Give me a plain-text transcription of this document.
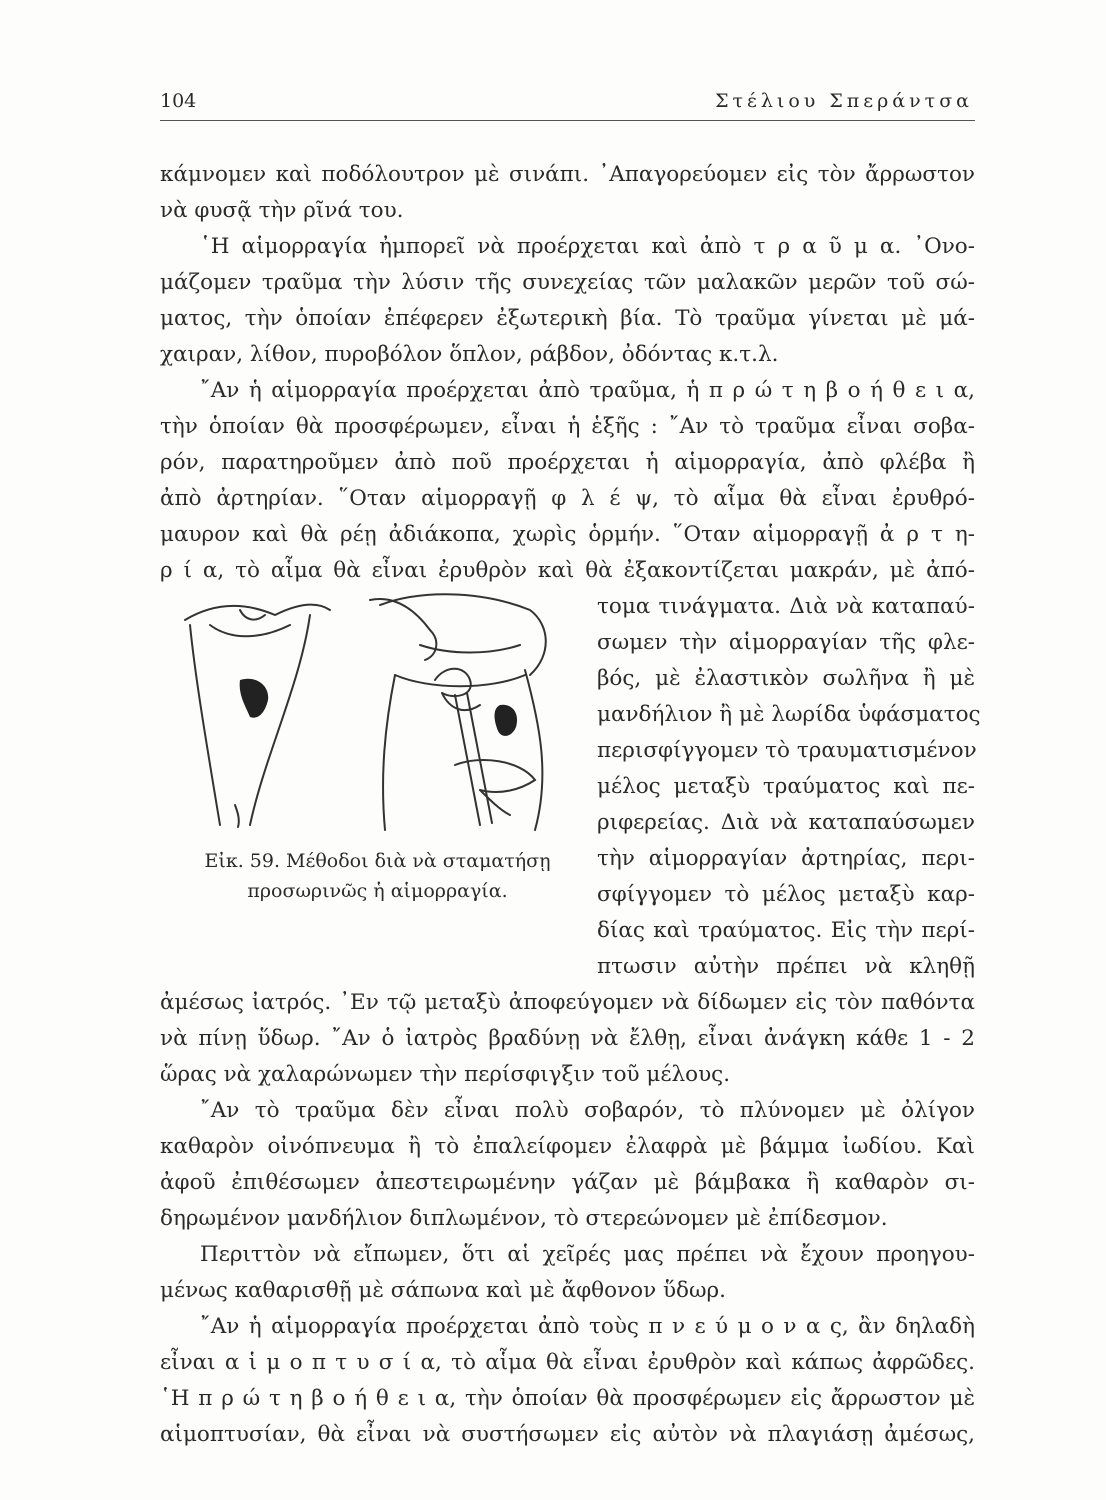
104	Στέλιου Σπεράντσα
κάμνομεν καὶ ποδόλουτρον μὲ σινάπι. ᾿Απαγορεύομεν εἰς τὸν ἄρρωστον
νὰ φυσᾷ τὴν ρῖνά του.
῾Η αἱμορραγία ἠμπορεῖ νὰ προέρχεται καὶ ἀπὸ τ ρ α ῦ μ α. ᾿Ονο-
μάζομεν τραῦμα τὴν λύσιν τῆς συνεχείας τῶν μαλακῶν μερῶν τοῦ σώ-
ματος, τὴν ὁποίαν ἐπέφερεν ἐξωτερικὴ βία. Τὸ τραῦμα γίνεται μὲ μά-
χαιραν, λίθον, πυροβόλον ὅπλον, ράβδον, ὀδόντας κ.τ.λ.
῎Αν ἡ αἱμορραγία προέρχεται ἀπὸ τραῦμα, ἡ π ρ ώ τ η β ο ή θ ε ι α,
τὴν ὁποίαν θὰ προσφέρωμεν, εἶναι ἡ ἑξῆς : ῎Αν τὸ τραῦμα εἶναι σοβα-
ρόν, παρατηροῦμεν ἀπὸ ποῦ προέρχεται ἡ αἱμορραγία, ἀπὸ φλέβα ἢ
ἀπὸ ἀρτηρίαν. ῞Οταν αἱμορραγῇ φ λ έ ψ, τὸ αἷμα θὰ εἶναι ἐρυθρό-
μαυρον καὶ θὰ ρέῃ ἀδιάκοπα, χωρὶς ὁρμήν. ῞Οταν αἱμορραγῇ ἀ ρ τ η-
ρ ί α, τὸ αἷμα θὰ εἶναι ἐρυθρὸν καὶ θὰ ἐξακοντίζεται μακράν, μὲ ἀπό-
τομα τινάγματα. Διὰ νὰ καταπαύ-
σωμεν τὴν αἱμορραγίαν τῆς φλε-
βός, μὲ ἐλαστικὸν σωλῆνα ἢ μὲ
μανδήλιον ἢ μὲ λωρίδα ὑφάσματος
περισφίγγομεν τὸ τραυματισμένον
μέλος μεταξὺ τραύματος καὶ πε-
ριφερείας. Διὰ νὰ καταπαύσωμεν
τὴν αἱμορραγίαν ἀρτηρίας, περι-
σφίγγομεν τὸ μέλος μεταξὺ καρ-
δίας καὶ τραύματος. Εἰς τὴν περί-
πτωσιν αὐτὴν πρέπει νὰ κληθῇ
ἀμέσως ἰατρός. ᾿Εν τῷ μεταξὺ ἀποφεύγομεν νὰ δίδωμεν εἰς τὸν παθόντα
νὰ πίνῃ ὕδωρ. ῎Αν ὁ ἰατρὸς βραδύνῃ νὰ ἔλθῃ, εἶναι ἀνάγκη κάθε 1 - 2
ὥρας νὰ χαλαρώνωμεν τὴν περίσφιγξιν τοῦ μέλους.
῎Αν τὸ τραῦμα δὲν εἶναι πολὺ σοβαρόν, τὸ πλύνομεν μὲ ὀλίγον
καθαρὸν οἰνόπνευμα ἢ τὸ ἐπαλείφομεν ἐλαφρὰ μὲ βάμμα ἰωδίου. Καὶ
ἀφοῦ ἐπιθέσωμεν ἀπεστειρωμένην γάζαν μὲ βάμβακα ἢ καθαρὸν σι-
δηρωμένον μανδήλιον διπλωμένον, τὸ στερεώνομεν μὲ ἐπίδεσμον.
Περιττὸν νὰ εἴπωμεν, ὅτι αἱ χεῖρές μας πρέπει νὰ ἔχουν προηγου-
μένως καθαρισθῇ μὲ σάπωνα καὶ μὲ ἄφθονον ὕδωρ.
῎Αν ἡ αἱμορραγία προέρχεται ἀπὸ τοὺς π ν ε ύ μ ο ν α ς, ἂν δηλαδὴ
εἶναι α ἱ μ ο π τ υ σ ί α, τὸ αἷμα θὰ εἶναι ἐρυθρὸν καὶ κάπως ἀφρῶδες.
῾Η π ρ ώ τ η β ο ή θ ε ι α, τὴν ὁποίαν θὰ προσφέρωμεν εἰς ἄρρωστον μὲ
αἱμοπτυσίαν, θὰ εἶναι νὰ συστήσωμεν εἰς αὐτὸν νὰ πλαγιάσῃ ἀμέσως,
Εἰκ. 59. Μέθοδοι διὰ νὰ σταματήσῃ
προσωρινῶς ἡ αἱμορραγία.
